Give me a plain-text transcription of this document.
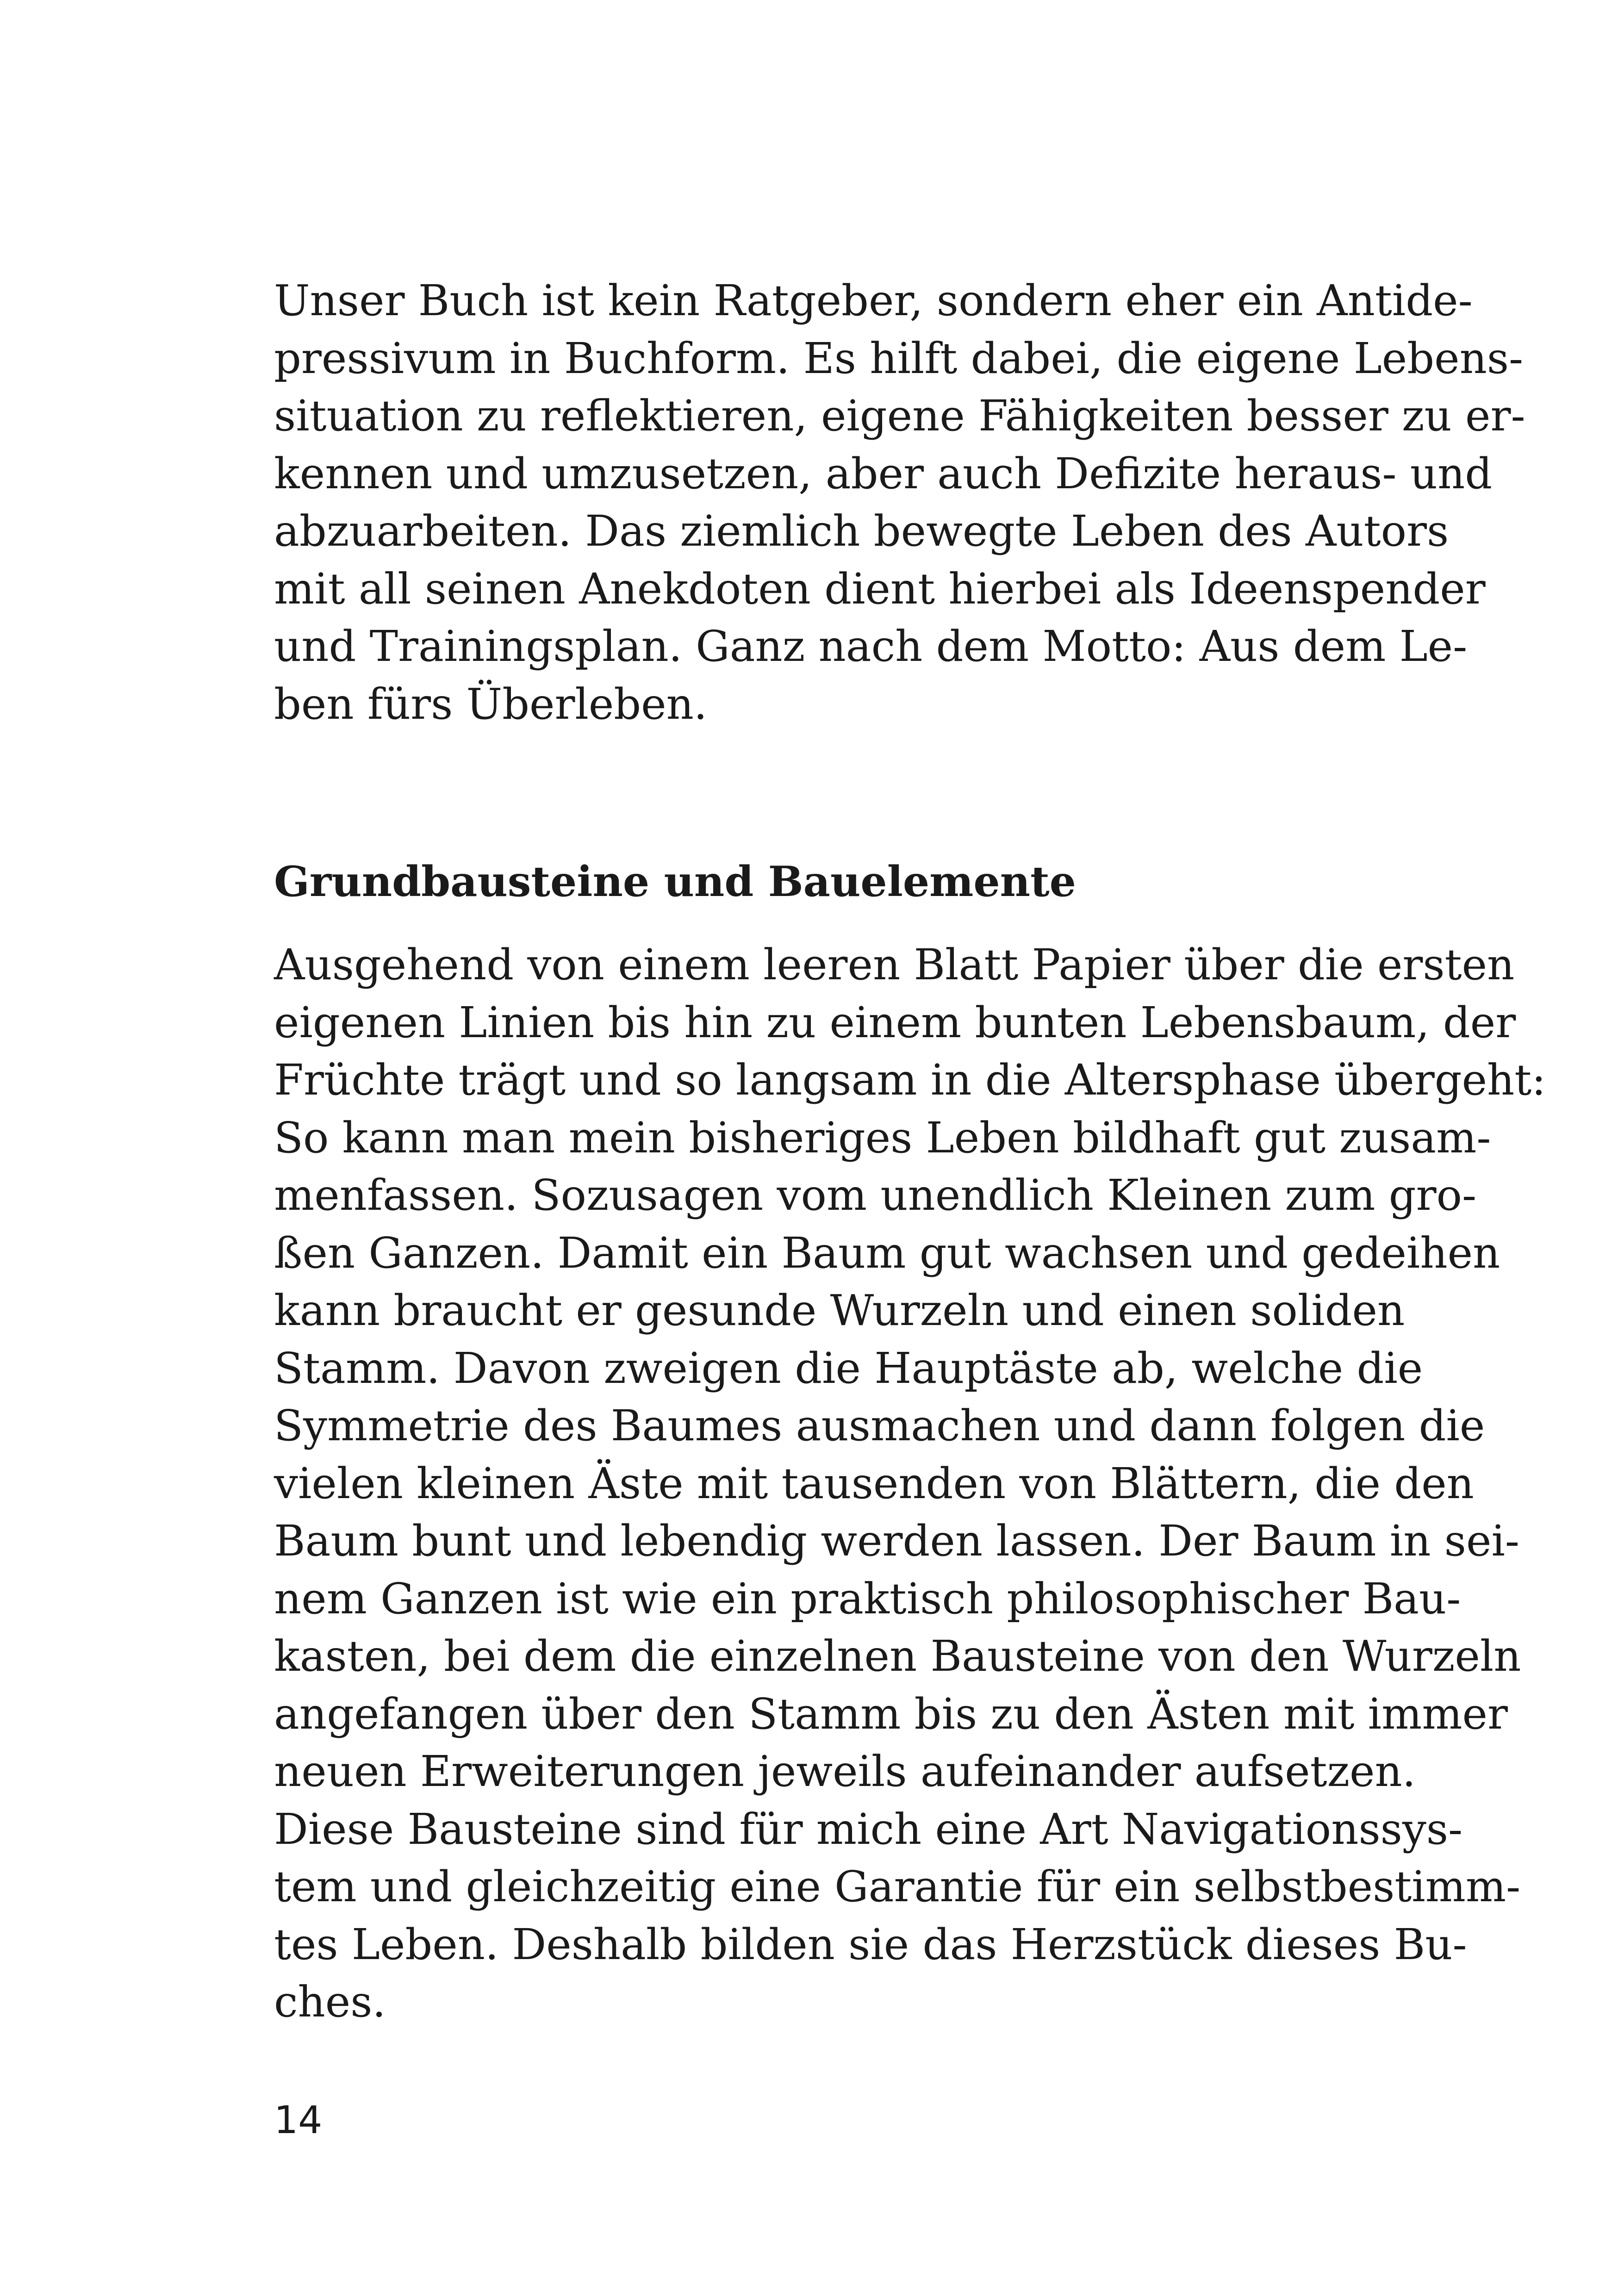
Unser Buch ist kein Ratgeber, sondern eher ein Antide-
pressivum in Buchform. Es hilft dabei, die eigene Lebens-
situation zu reflektieren, eigene Fähigkeiten besser zu er-
kennen und umzusetzen, aber auch Defizite heraus- und
abzuarbeiten. Das ziemlich bewegte Leben des Autors
mit all seinen Anekdoten dient hierbei als Ideenspender
und Trainingsplan. Ganz nach dem Motto: Aus dem Le-
ben fürs Überleben.

Grundbausteine und Bauelemente

Ausgehend von einem leeren Blatt Papier über die ersten
eigenen Linien bis hin zu einem bunten Lebensbaum, der
Früchte trägt und so langsam in die Altersphase übergeht:
So kann man mein bisheriges Leben bildhaft gut zusam-
menfassen. Sozusagen vom unendlich Kleinen zum gro-
ßen Ganzen. Damit ein Baum gut wachsen und gedeihen
kann braucht er gesunde Wurzeln und einen soliden
Stamm. Davon zweigen die Hauptäste ab, welche die
Symmetrie des Baumes ausmachen und dann folgen die
vielen kleinen Äste mit tausenden von Blättern, die den
Baum bunt und lebendig werden lassen. Der Baum in sei-
nem Ganzen ist wie ein praktisch philosophischer Bau-
kasten, bei dem die einzelnen Bausteine von den Wurzeln
angefangen über den Stamm bis zu den Ästen mit immer
neuen Erweiterungen jeweils aufeinander aufsetzen.
Diese Bausteine sind für mich eine Art Navigationssys-
tem und gleichzeitig eine Garantie für ein selbstbestimm-
tes Leben. Deshalb bilden sie das Herzstück dieses Bu-
ches.

14
